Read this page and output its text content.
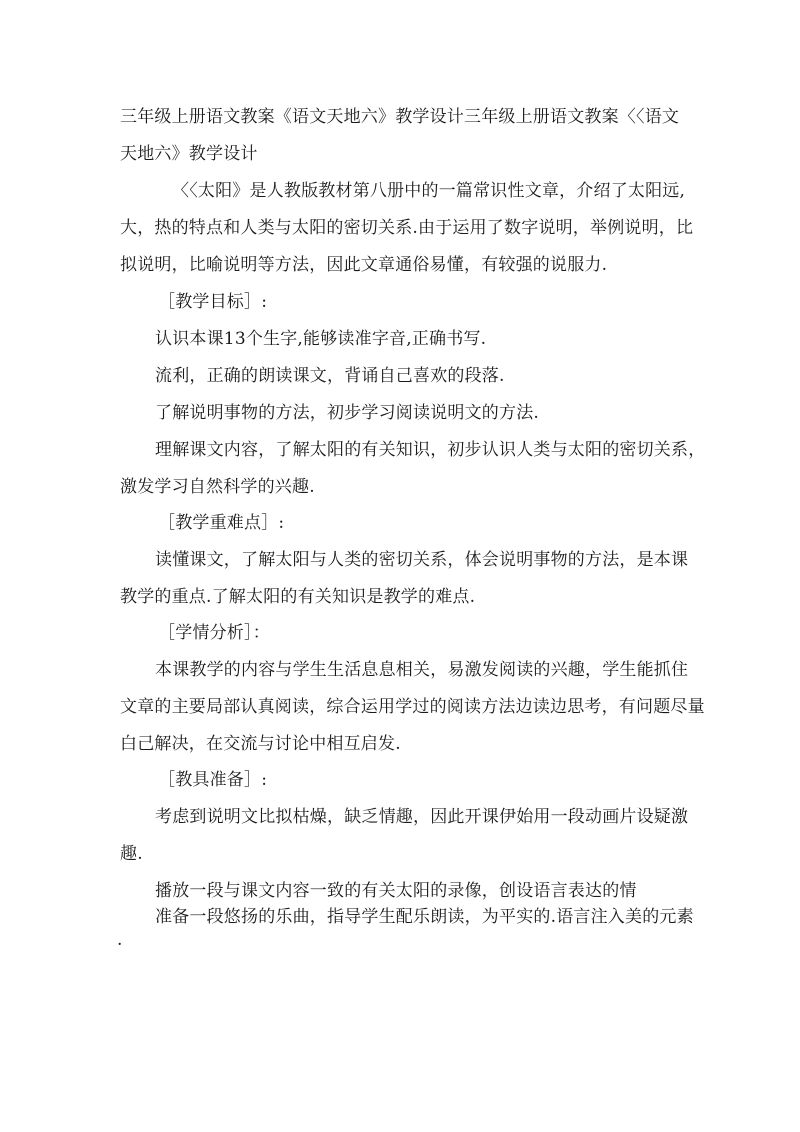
三年级上册语文教案《语文天地六》教学设计三年级上册语文教案〈〈语文
天地六》教学设计
〈〈太阳》是人教版教材第八册中的一篇常识性文章，介绍了太阳远,
大，热的特点和人类与太阳的密切关系.由于运用了数字说明，举例说明，比
拟说明，比喻说明等方法，因此文章通俗易懂，有较强的说服力.
［教学目标］:
认识本课13个生字,能够读准字音,正确书写.
流利，正确的朗读课文，背诵自己喜欢的段落.
了解说明事物的方法，初步学习阅读说明文的方法.
理解课文内容，了解太阳的有关知识，初步认识人类与太阳的密切关系，
激发学习自然科学的兴趣.
［教学重难点］:
读懂课文，了解太阳与人类的密切关系，体会说明事物的方法，是本课
教学的重点.了解太阳的有关知识是教学的难点.
［学情分析］：
本课教学的内容与学生生活息息相关，易激发阅读的兴趣，学生能抓住
文章的主要局部认真阅读，综合运用学过的阅读方法边读边思考，有问题尽量
白己解决，在交流与讨论中相互启发.
［教具准备］:
考虑到说明文比拟枯燥，缺乏情趣，因此开课伊始用一段动画片设疑激
趣.
播放一段与课文内容一致的有关太阳的录像，创设语言表达的情
准备一段悠扬的乐曲，指导学生配乐朗读，为平实的.语言注入美的元素
.
